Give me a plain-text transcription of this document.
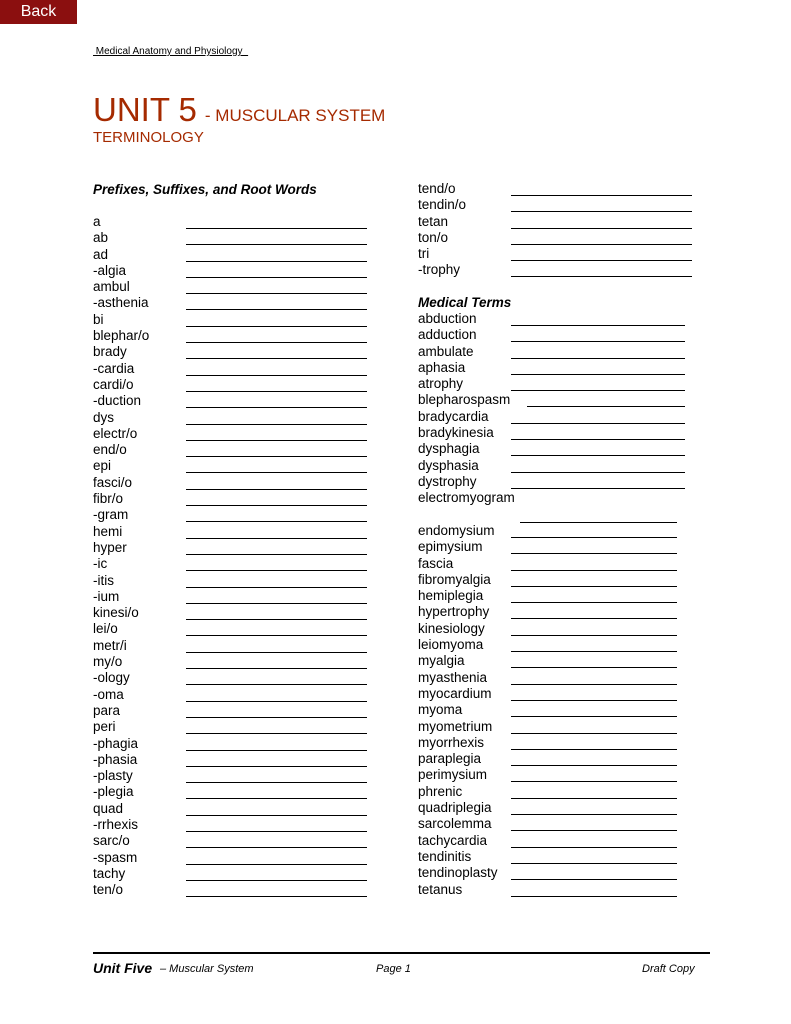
Back
Medical Anatomy and Physiology
UNIT 5 - MUSCULAR SYSTEM
TERMINOLOGY
Prefixes, Suffixes, and Root Words
a
ab
ad
-algia
ambul
-asthenia
bi
blephar/o
brady
-cardia
cardi/o
-duction
dys
electr/o
end/o
epi
fasci/o
fibr/o
-gram
hemi
hyper
-ic
-itis
-ium
kinesi/o
lei/o
metr/i
my/o
-ology
-oma
para
peri
-phagia
-phasia
-plasty
-plegia
quad
-rrhexis
sarc/o
-spasm
tachy
ten/o
tend/o
tendin/o
tetan
ton/o
tri
-trophy
Medical Terms
abduction
adduction
ambulate
aphasia
atrophy
blepharospasm
bradycardia
bradykinesia
dysphagia
dysphasia
dystrophy
electromyogram
endomysium
epimysium
fascia
fibromyalgia
hemiplegia
hypertrophy
kinesiology
leiomyoma
myalgia
myasthenia
myocardium
myoma
myometrium
myorrhexis
paraplegia
perimysium
phrenic
quadriplegia
sarcolemma
tachycardia
tendinitis
tendinoplasty
tetanus
Unit Five – Muscular System	Page 1	Draft Copy
